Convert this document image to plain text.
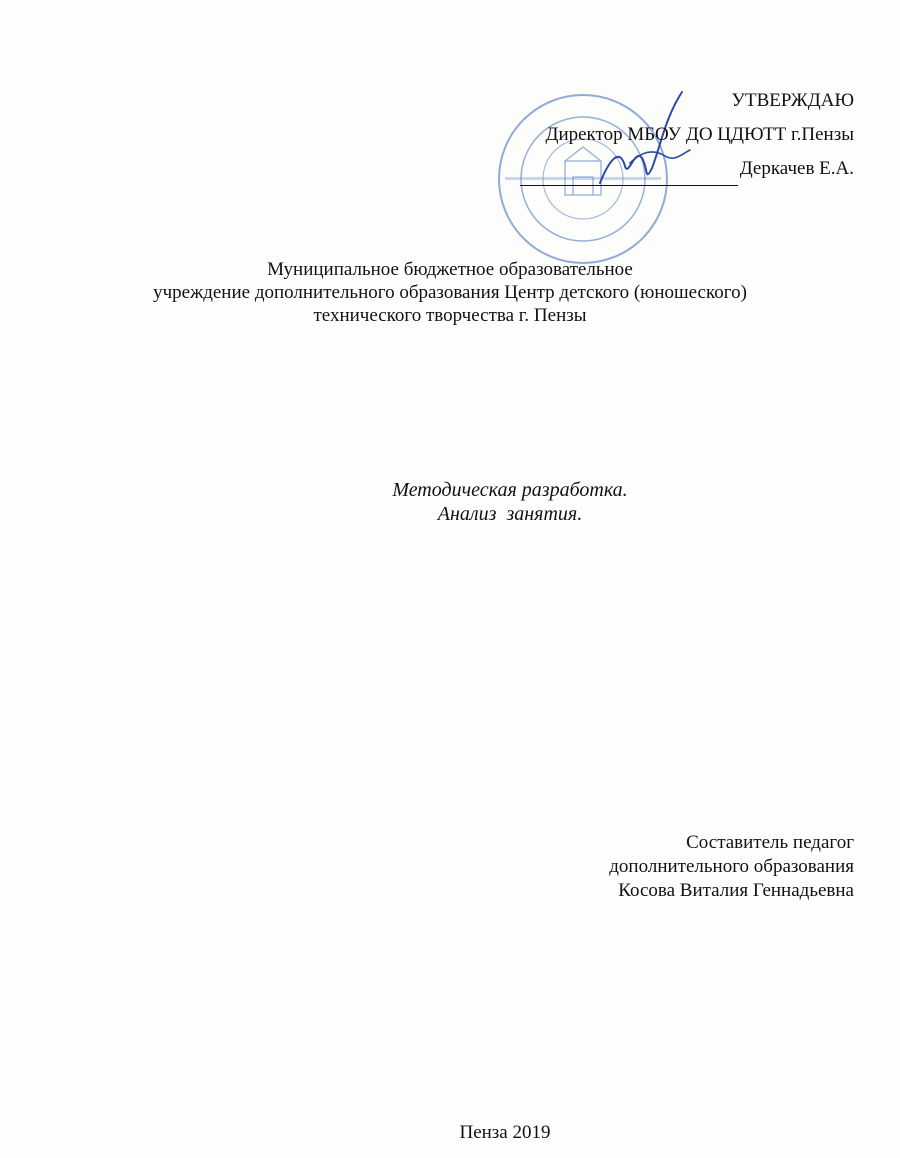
УТВЕРЖДАЮ
Директор МБОУ ДО ЦДЮТТ г.Пензы
Деркачев Е.А.
Муниципальное бюджетное образовательное
учреждение дополнительного образования Центр детского (юношеского)
технического творчества г. Пензы
Методическая разработка.
Анализ  занятия.
Составитель педагог
дополнительного образования
Косова Виталия Геннадьевна
Пенза 2019
